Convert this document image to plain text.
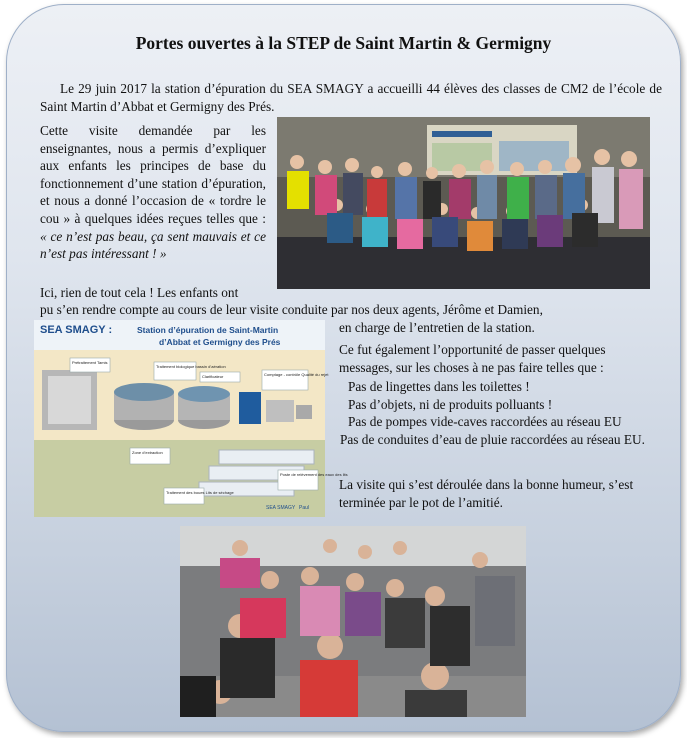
Portes ouvertes à la STEP de Saint Martin & Germigny

Le 29 juin 2017 la station d’épuration du SEA SMAGY a accueilli 44 élèves des classes de CM2 de l’école de Saint Martin d’Abbat et Germigny des Prés.

Cette visite demandée par les enseignantes, nous a permis d’expliquer aux enfants les principes de base du fonctionnement d’une station d’épuration, et nous a donné l’occasion de « tordre le cou » à quelques idées reçues telles que : « ce n’est pas beau, ça sent mauvais et ce n’est pas intéressant ! »

Ici, rien de tout cela ! Les enfants ont

pu s’en rendre compte au cours de leur visite conduite par nos deux agents, Jérôme et Damien,

en charge de l’entretien de la station.

SEA SMAGY :	Station d’épuration de Saint-Martin
d’Abbat et Germigny des Prés
Prétraitement Tamis
Traitement biologique bassin d’aération
Clarificateur	Comptage - contrôle Qualité du rejet
Zone d’extraction
Traitement des boues Lits de séchage
Poste de relèvement des eaux des lits
SEA SMAGY Paul

Ce fut également l’opportunité de passer quelques messages, sur les choses à ne pas faire telles que :

Pas de lingettes dans les toilettes !
Pas d’objets, ni de produits polluants !
Pas de pompes vide-caves raccordées au réseau EU
Pas de conduites d’eau de pluie raccordées au réseau EU.

La visite qui s’est déroulée dans la bonne humeur, s’est terminée par le pot de l’amitié.
